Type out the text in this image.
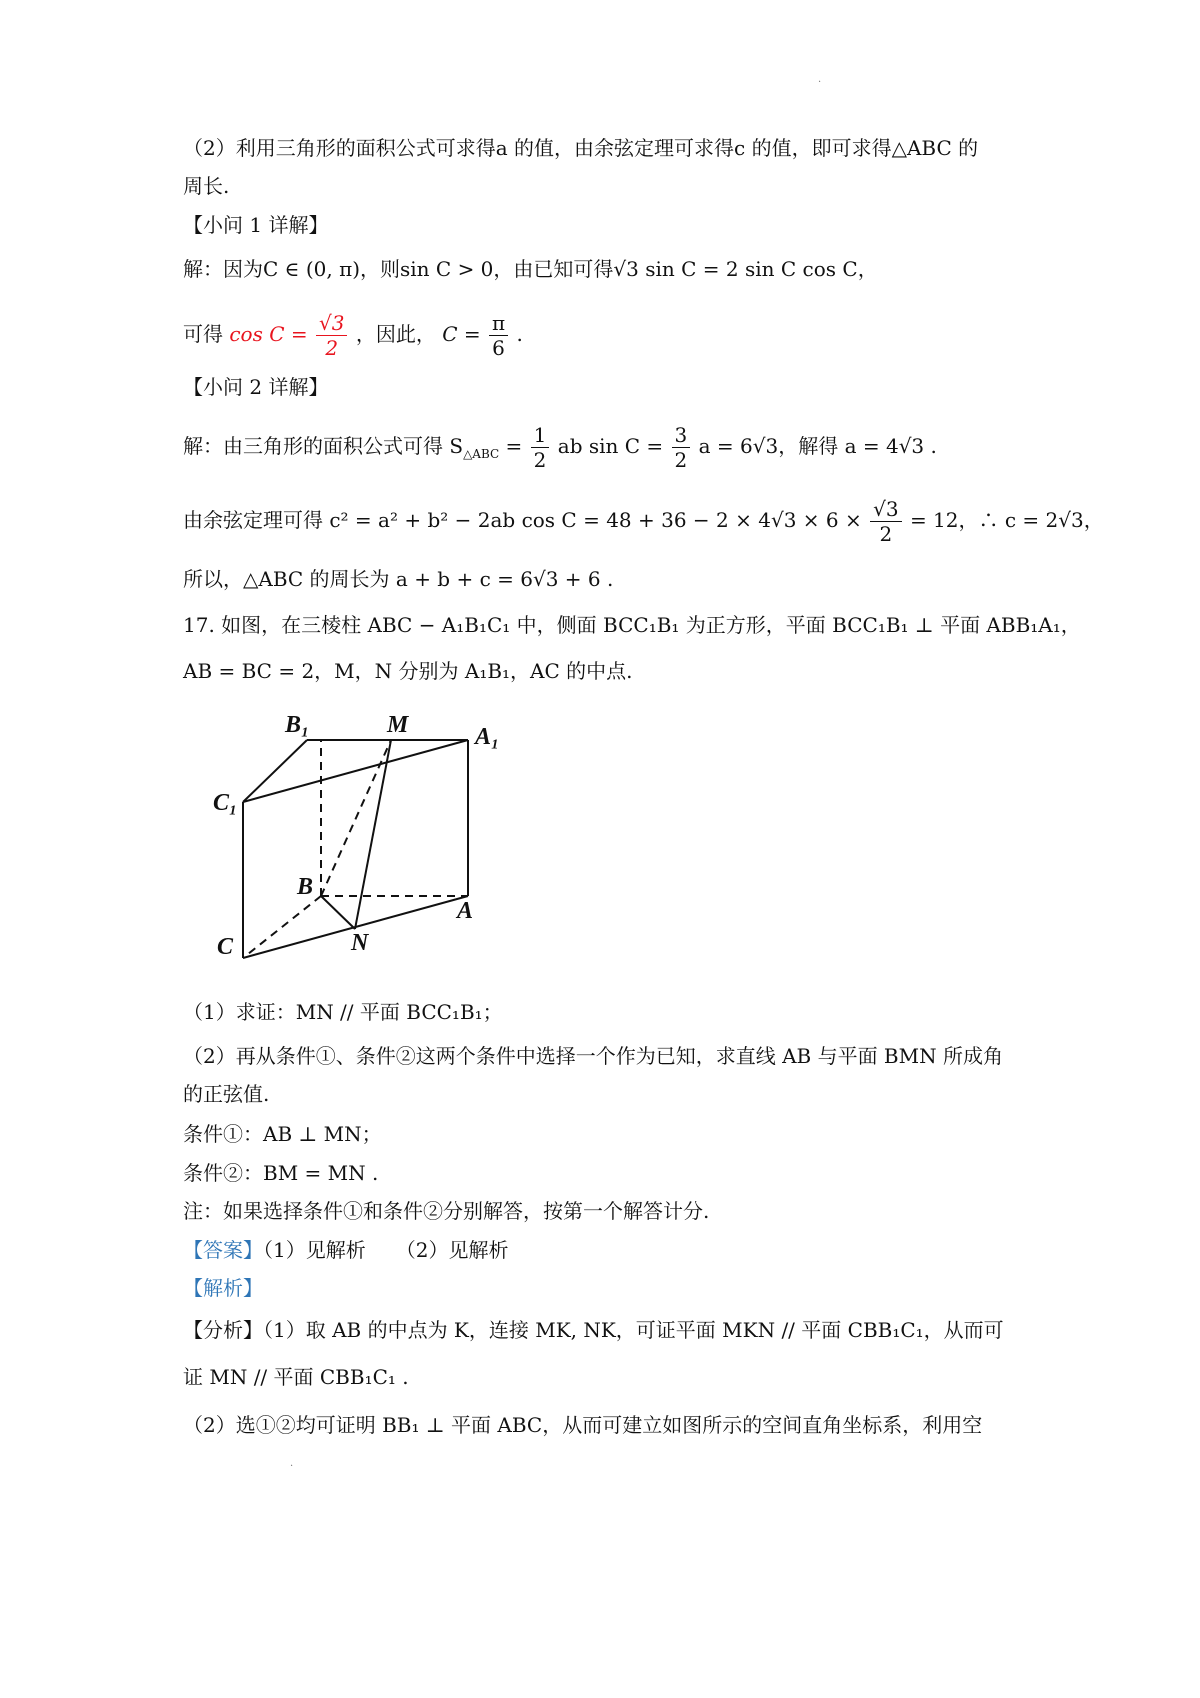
.
（2）利用三角形的面积公式可求得a 的值，由余弦定理可求得c 的值，即可求得△ABC 的
周长.
【小问 1 详解】
解：因为C ∈ (0, π)，则sin C > 0，由已知可得√3 sin C = 2 sin C cos C，
可得 $\cos C = \frac{√3}{2}$ ，因此， $C = \frac{\pi}{6}$ .
【小问 2 详解】
解：由三角形的面积公式可得 $S_{\triangle ABC} = \frac{1}{2}$ ab $\sin C = \frac{3}{2}$ a = 6√3，解得 a = 4√3 .
由余弦定理可得 c² = a² + b² − 2ab $\cos C = 48 + 36 - 2 \times 4√3 \times 6 \times \frac{√3}{2} = 12$，∴ c = 2√3，
所以，△ABC 的周长为 a + b + c = 6√3 + 6 .
17. 如图，在三棱柱 ABC − A₁B₁C₁ 中，侧面 BCC₁B₁ 为正方形，平面 BCC₁B₁ ⊥ 平面 ABB₁A₁，
AB = BC = 2，M，N 分别为 A₁B₁，AC 的中点.
B₁	M	A₁
C₁
B
A
C	N
（1）求证：MN // 平面 BCC₁B₁；
（2）再从条件①、条件②这两个条件中选择一个作为已知，求直线 AB 与平面 BMN 所成角
的正弦值.
条件①：AB ⊥ MN；
条件②：BM = MN .
注：如果选择条件①和条件②分别解答，按第一个解答计分.
【答案】（1）见解析　　（2）见解析
【解析】
【分析】（1）取 AB 的中点为 K，连接 MK, NK，可证平面 MKN // 平面 CBB₁C₁，从而可
证 MN // 平面 CBB₁C₁ .
（2）选①②均可证明 BB₁ ⊥ 平面 ABC，从而可建立如图所示的空间直角坐标系，利用空
.
